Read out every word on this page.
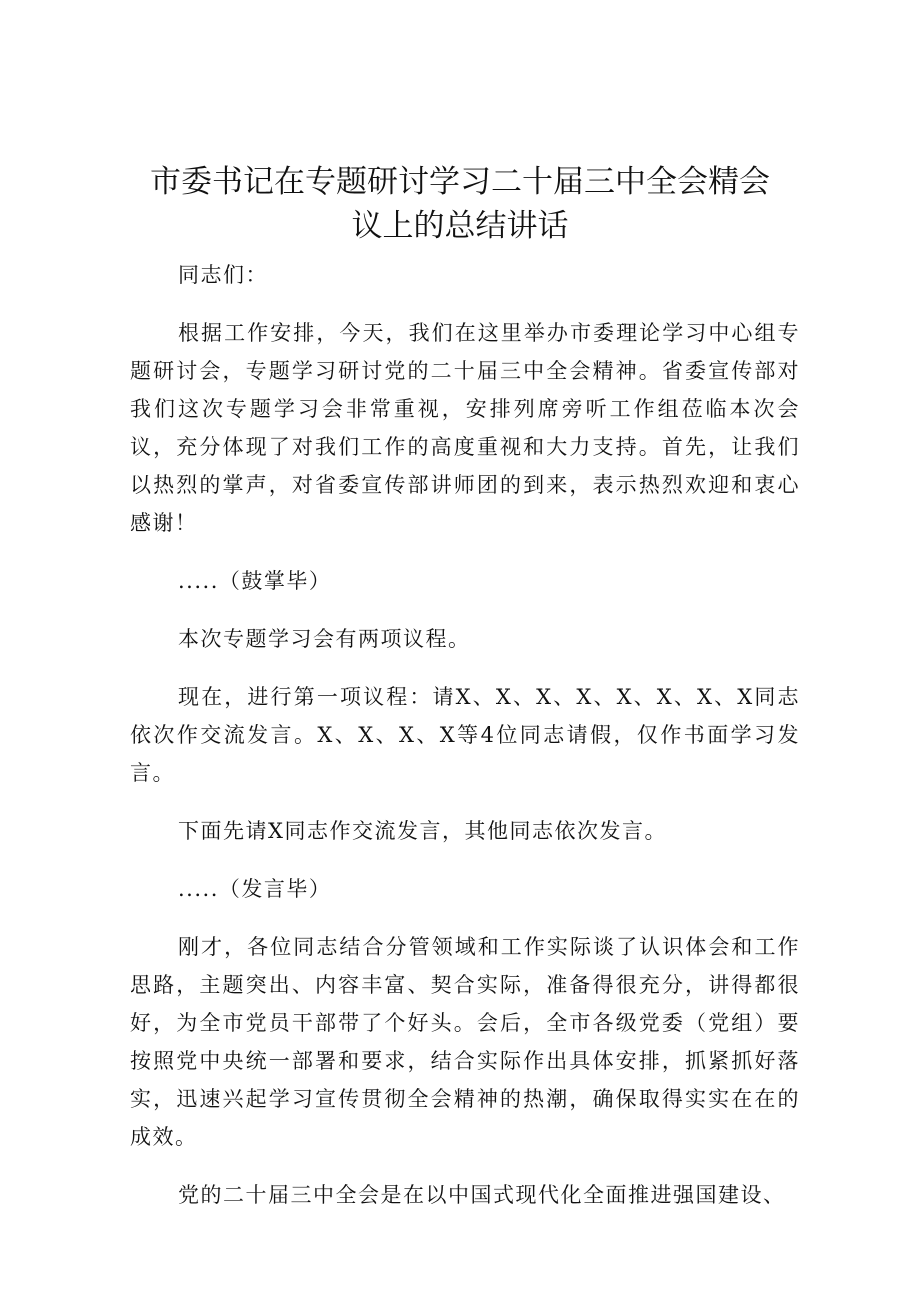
市委书记在专题研讨学习二十届三中全会精会
议上的总结讲话

同志们：

根据工作安排，今天，我们在这里举办市委理论学习中心组专题研讨会，专题学习研讨党的二十届三中全会精神。省委宣传部对我们这次专题学习会非常重视，安排列席旁听工作组莅临本次会议，充分体现了对我们工作的高度重视和大力支持。首先，让我们以热烈的掌声，对省委宣传部讲师团的到来，表示热烈欢迎和衷心感谢！

.....（鼓掌毕）

本次专题学习会有两项议程。

现在，进行第一项议程：请X、X、X、X、X、X、X、X同志依次作交流发言。X、X、X、X等4位同志请假，仅作书面学习发言。

下面先请X同志作交流发言，其他同志依次发言。

.....（发言毕）

刚才，各位同志结合分管领域和工作实际谈了认识体会和工作思路，主题突出、内容丰富、契合实际，准备得很充分，讲得都很好，为全市党员干部带了个好头。会后，全市各级党委（党组）要按照党中央统一部署和要求，结合实际作出具体安排，抓紧抓好落实，迅速兴起学习宣传贯彻全会精神的热潮，确保取得实实在在的成效。

党的二十届三中全会是在以中国式现代化全面推进强国建设、
